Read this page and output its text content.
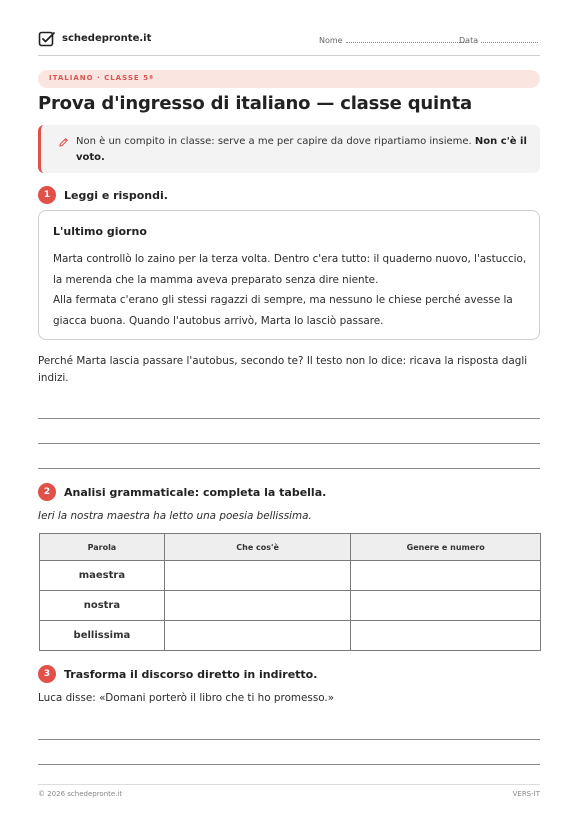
schedepronte.it	Nome	Data
ITALIANO · CLASSE 5ª
Prova d'ingresso di italiano — classe quinta
Non è un compito in classe: serve a me per capire da dove ripartiamo insieme. Non c'è il voto.
1	Leggi e rispondi.
L'ultimo giorno
Marta controllò lo zaino per la terza volta. Dentro c'era tutto: il quaderno nuovo, l'astuccio, la merenda che la mamma aveva preparato senza dire niente.
Alla fermata c'erano gli stessi ragazzi di sempre, ma nessuno le chiese perché avesse la giacca buona. Quando l'autobus arrivò, Marta lo lasciò passare.
Perché Marta lascia passare l'autobus, secondo te? Il testo non lo dice: ricava la risposta dagli indizi.
2	Analisi grammaticale: completa la tabella.
Ieri la nostra maestra ha letto una poesia bellissima.
Parola	Che cos'è	Genere e numero
maestra		
nostra		
bellissima		
3	Trasforma il discorso diretto in indiretto.
Luca disse: «Domani porterò il libro che ti ho promesso.»
© 2026 schedepronte.it	VERS-IT
